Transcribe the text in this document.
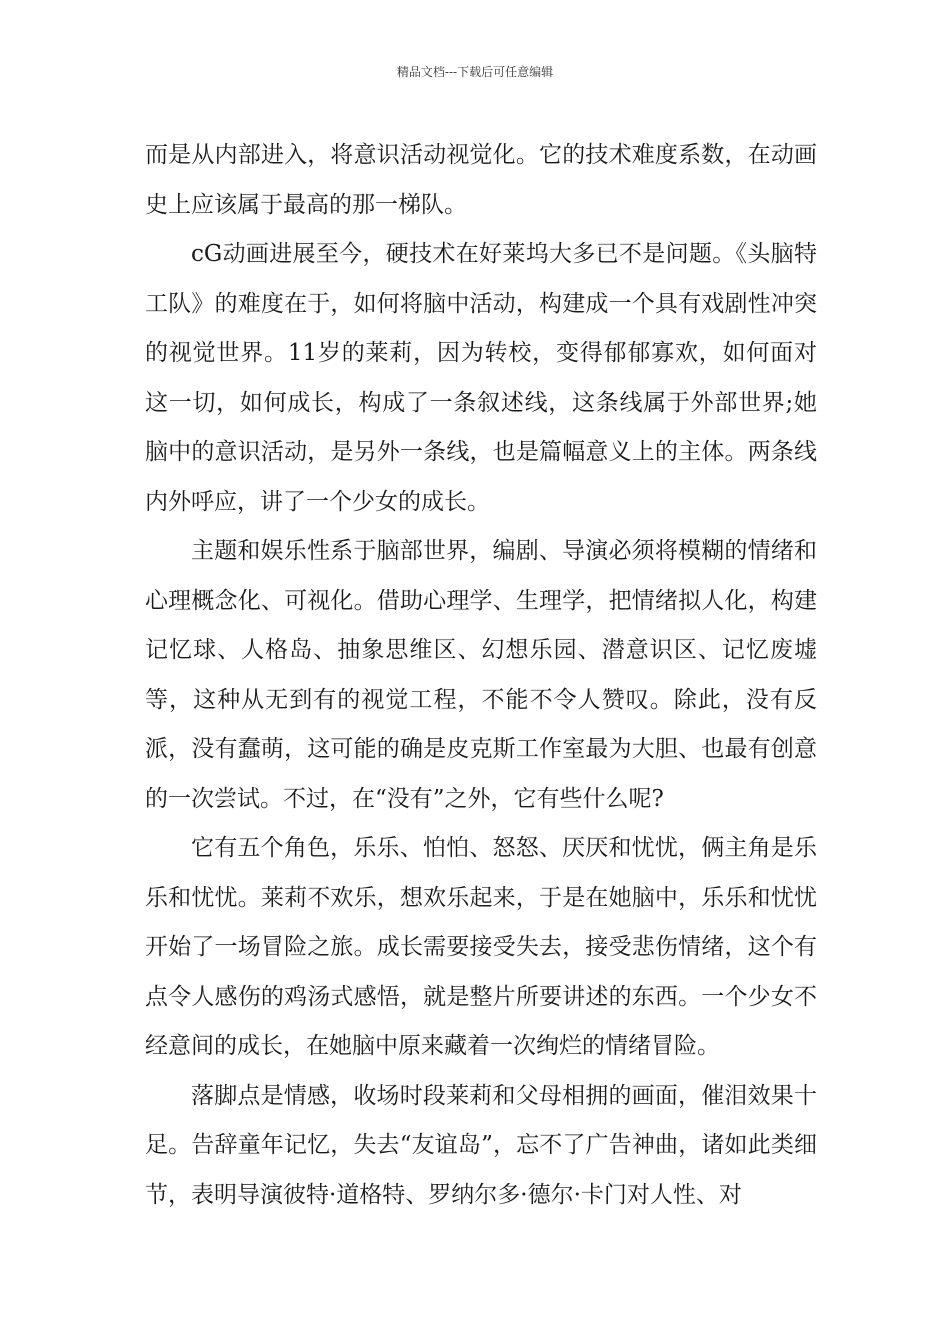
精品文档---下载后可任意编辑

而是从内部进入，将意识活动视觉化。它的技术难度系数，在动画史上应该属于最高的那一梯队。

cG动画进展至今，硬技术在好莱坞大多已不是问题。《头脑特工队》的难度在于，如何将脑中活动，构建成一个具有戏剧性冲突的视觉世界。11岁的莱莉，因为转校，变得郁郁寡欢，如何面对这一切，如何成长，构成了一条叙述线，这条线属于外部世界;她脑中的意识活动，是另外一条线，也是篇幅意义上的主体。两条线内外呼应，讲了一个少女的成长。

主题和娱乐性系于脑部世界，编剧、导演必须将模糊的情绪和心理概念化、可视化。借助心理学、生理学，把情绪拟人化，构建记忆球、人格岛、抽象思维区、幻想乐园、潜意识区、记忆废墟等，这种从无到有的视觉工程，不能不令人赞叹。除此，没有反派，没有蠢萌，这可能的确是皮克斯工作室最为大胆、也最有创意的一次尝试。不过，在“没有”之外，它有些什么呢?

它有五个角色，乐乐、怕怕、怒怒、厌厌和忧忧，俩主角是乐乐和忧忧。莱莉不欢乐，想欢乐起来，于是在她脑中，乐乐和忧忧开始了一场冒险之旅。成长需要接受失去，接受悲伤情绪，这个有点令人感伤的鸡汤式感悟，就是整片所要讲述的东西。一个少女不经意间的成长，在她脑中原来藏着一次绚烂的情绪冒险。

落脚点是情感，收场时段莱莉和父母相拥的画面，催泪效果十足。告辞童年记忆，失去“友谊岛”，忘不了广告神曲，诸如此类细节，表明导演彼特·道格特、罗纳尔多·德尔·卡门对人性、对
